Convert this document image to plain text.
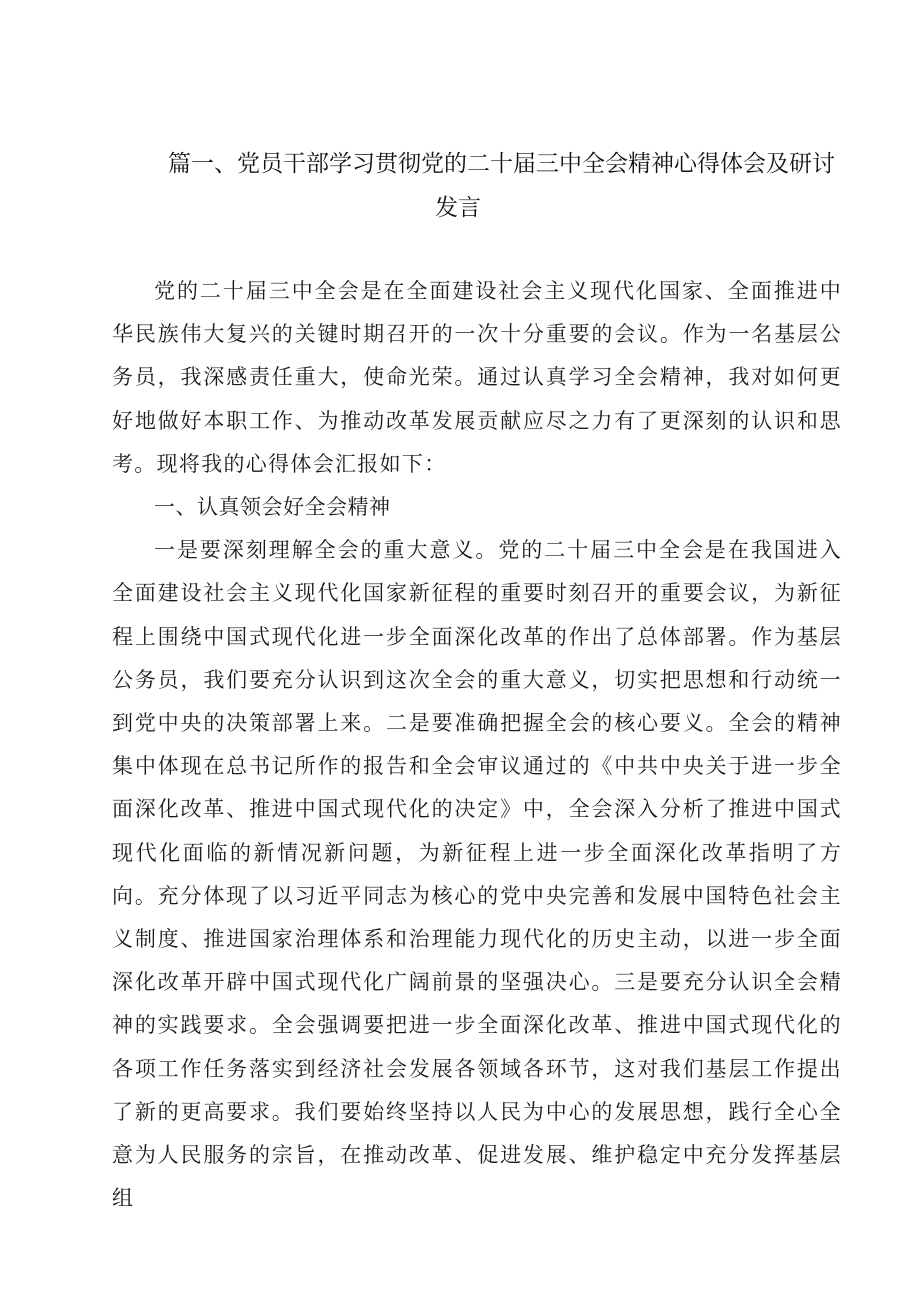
篇一、党员干部学习贯彻党的二十届三中全会精神心得体会及研讨
发言

党的二十届三中全会是在全面建设社会主义现代化国家、全面推进中华民族伟大复兴的关键时期召开的一次十分重要的会议。作为一名基层公务员，我深感责任重大，使命光荣。通过认真学习全会精神，我对如何更好地做好本职工作、为推动改革发展贡献应尽之力有了更深刻的认识和思考。现将我的心得体会汇报如下：

一、认真领会好全会精神

一是要深刻理解全会的重大意义。党的二十届三中全会是在我国进入全面建设社会主义现代化国家新征程的重要时刻召开的重要会议，为新征程上围绕中国式现代化进一步全面深化改革的作出了总体部署。作为基层公务员，我们要充分认识到这次全会的重大意义，切实把思想和行动统一到党中央的决策部署上来。二是要准确把握全会的核心要义。全会的精神集中体现在总书记所作的报告和全会审议通过的《中共中央关于进一步全面深化改革、推进中国式现代化的决定》中，全会深入分析了推进中国式现代化面临的新情况新问题，为新征程上进一步全面深化改革指明了方向。充分体现了以习近平同志为核心的党中央完善和发展中国特色社会主义制度、推进国家治理体系和治理能力现代化的历史主动，以进一步全面深化改革开辟中国式现代化广阔前景的坚强决心。三是要充分认识全会精神的实践要求。全会强调要把进一步全面深化改革、推进中国式现代化的各项工作任务落实到经济社会发展各领域各环节，这对我们基层工作提出了新的更高要求。我们要始终坚持以人民为中心的发展思想，践行全心全意为人民服务的宗旨，在推动改革、促进发展、维护稳定中充分发挥基层组
